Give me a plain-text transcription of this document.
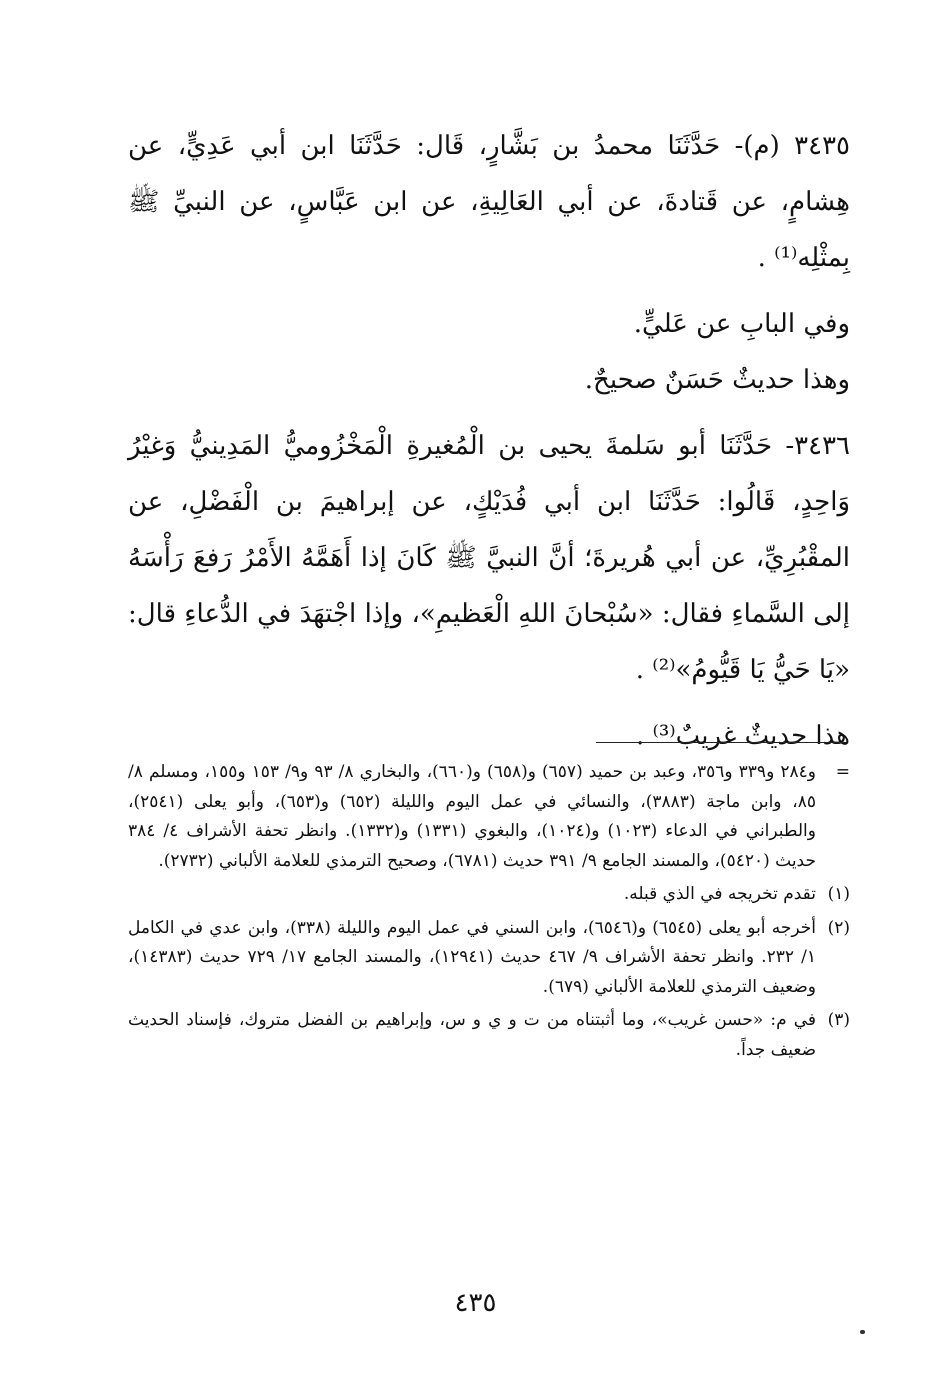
٣٤٣٥ (م)- حَدَّثَنَا محمدُ بن بَشَّارٍ، قَال: حَدَّثَنَا ابن أبي عَدِيٍّ، عن هِشامٍ، عن قَتادةَ، عن أبي العَالِيةِ، عن ابن عَبَّاسٍ، عن النبيِّ ﷺ بِمثْلِه⁽¹⁾ .

وفي البابِ عن عَليٍّ.

وهذا حديثٌ حَسَنٌ صحيحٌ.

٣٤٣٦- حَدَّثَنَا أبو سَلمةَ يحيى بن الْمُغيرةِ الْمَخْزُوميُّ المَدِينيُّ وَغيْرُ وَاحِدٍ، قَالُوا: حَدَّثَنَا ابن أبي فُدَيْكٍ، عن إبراهيمَ بن الْفَضْلِ، عن المقْبُرِيِّ، عن أبي هُريرةَ؛ أنَّ النبيَّ ﷺ كَانَ إذا أَهَمَّهُ الأَمْرُ رَفعَ رَأْسَهُ إلى السَّماءِ فقال: «سُبْحانَ اللهِ الْعَظيمِ»، وإذا اجْتهَدَ في الدُّعاءِ قال: «يَا حَيُّ يَا قَيُّومُ»⁽²⁾ .

هذا حديثٌ غريبٌ⁽³⁾ .

=
و٢٨٤ و٣٣٩ و٣٥٦، وعبد بن حميد (٦٥٧) و(٦٥٨) و(٦٦٠)، والبخاري ٨/ ٩٣ و٩/ ١٥٣ و١٥٥، ومسلم ٨/ ٨٥، وابن ماجة (٣٨٨٣)، والنسائي في عمل اليوم والليلة (٦٥٢) و(٦٥٣)، وأبو يعلى (٢٥٤١)، والطبراني في الدعاء (١٠٢٣) و(١٠٢٤)، والبغوي (١٣٣١) و(١٣٣٢). وانظر تحفة الأشراف ٤/ ٣٨٤ حديث (٥٤٢٠)، والمسند الجامع ٩/ ٣٩١ حديث (٦٧٨١)، وصحيح الترمذي للعلامة الألباني (٢٧٣٢).
(١)
تقدم تخريجه في الذي قبله.
(٢)
أخرجه أبو يعلى (٦٥٤٥) و(٦٥٤٦)، وابن السني في عمل اليوم والليلة (٣٣٨)، وابن عدي في الكامل ١/ ٢٣٢. وانظر تحفة الأشراف ٩/ ٤٦٧ حديث (١٢٩٤١)، والمسند الجامع ١٧/ ٧٢٩ حديث (١٤٣٨٣)، وضعيف الترمذي للعلامة الألباني (٦٧٩).
(٣)
في م: «حسن غريب»، وما أثبتناه من ت و ي و س، وإبراهيم بن الفضل متروك، فإسناد الحديث ضعيف جداً.
٤٣٥
